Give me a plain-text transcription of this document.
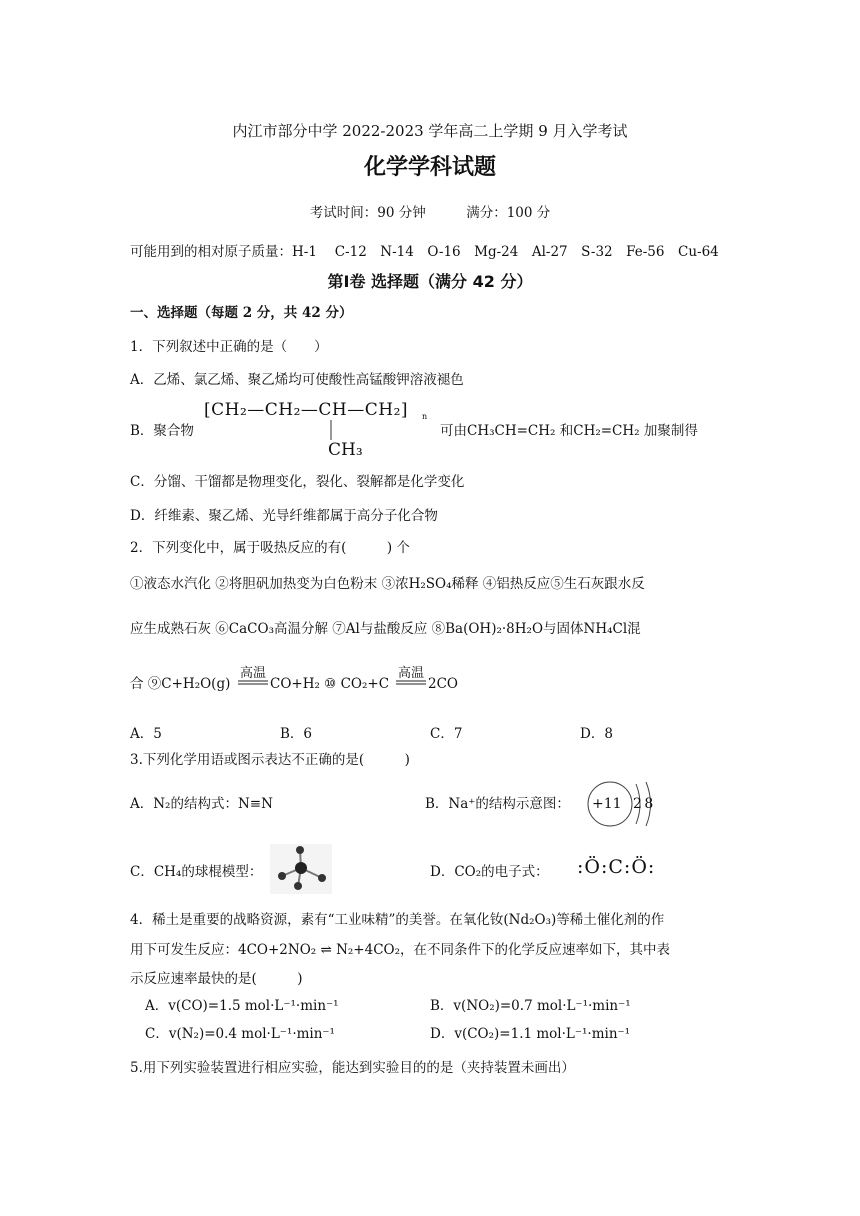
内江市部分中学 2022-2023 学年高二上学期 9 月入学考试
化学学科试题
考试时间：90 分钟　　　满分：100 分
可能用到的相对原子质量：H-1　 C-12　N-14　O-16　Mg-24　Al-27　S-32　Fe-56　Cu-64
第Ⅰ卷 选择题（满分 42 分）
一、选择题（每题 2 分，共 42 分）
1．下列叙述中正确的是（　　）
A．乙烯、氯乙烯、聚乙烯均可使酸性高锰酸钾溶液褪色
B．聚合物
[CH₂—CH₂—CH—CH₂] n
CH₃
可由CH₃CH=CH₂ 和CH₂=CH₂ 加聚制得
C．分馏、干馏都是物理变化，裂化、裂解都是化学变化
D．纤维素、聚乙烯、光导纤维都属于高分子化合物
2．下列变化中，属于吸热反应的有(　　　) 个
①液态水汽化 ②将胆矾加热变为白色粉末 ③浓H₂SO₄稀释 ④铝热反应⑤生石灰跟水反
应生成熟石灰 ⑥CaCO₃高温分解 ⑦Al与盐酸反应 ⑧Ba(OH)₂·8H₂O与固体NH₄Cl混
合 ⑨C+H₂O(g)
高温
CO+H₂ ⑩ CO₂+C
高温
2CO
A．5	B．6	C．7	D．8
3.下列化学用语或图示表达不正确的是(　　　)
A．N₂的结构式：N≡N	B．Na⁺的结构示意图： +11 2 8
C．CH₄的球棍模型：	D．CO₂的电子式： :Ö:C:Ö:
4．稀土是重要的战略资源，素有“工业味精”的美誉。在氧化钕(Nd₂O₃)等稀土催化剂的作
用下可发生反应：4CO+2NO₂ ⇌ N₂+4CO₂，在不同条件下的化学反应速率如下，其中表
示反应速率最快的是(　　　)
A．v(CO)=1.5 mol·L⁻¹·min⁻¹	B．v(NO₂)=0.7 mol·L⁻¹·min⁻¹
C．v(N₂)=0.4 mol·L⁻¹·min⁻¹	D．v(CO₂)=1.1 mol·L⁻¹·min⁻¹
5.用下列实验装置进行相应实验，能达到实验目的的是（夹持装置未画出）
